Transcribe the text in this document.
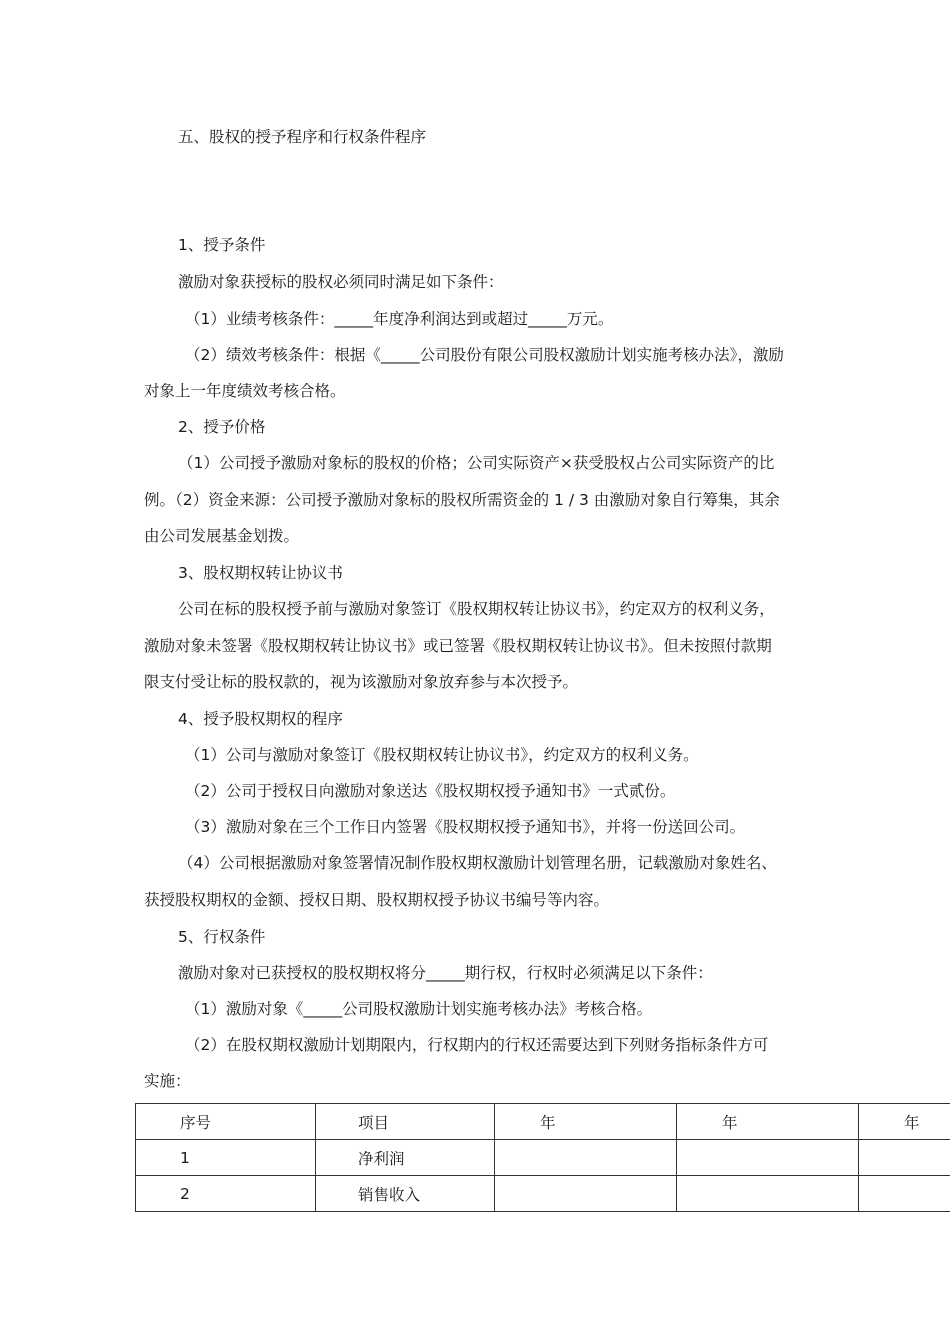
五、股权的授予程序和行权条件程序
1、授予条件
激励对象获授标的股权必须同时满足如下条件：
（1）业绩考核条件：_____年度净利润达到或超过_____万元。
（2）绩效考核条件：根据《_____公司股份有限公司股权激励计划实施考核办法》，激励
对象上一年度绩效考核合格。
2、授予价格
（1）公司授予激励对象标的股权的价格；公司实际资产×获受股权占公司实际资产的比
例。（2）资金来源：公司授予激励对象标的股权所需资金的 1 / 3 由激励对象自行筹集，其余
由公司发展基金划拨。
3、股权期权转让协议书
公司在标的股权授予前与激励对象签订《股权期权转让协议书》，约定双方的权利义务，
激励对象未签署《股权期权转让协议书》或已签署《股权期权转让协议书》。但未按照付款期
限支付受让标的股权款的，视为该激励对象放弃参与本次授予。
4、授予股权期权的程序
（1）公司与激励对象签订《股权期权转让协议书》，约定双方的权利义务。
（2）公司于授权日向激励对象送达《股权期权授予通知书》一式贰份。
（3）激励对象在三个工作日内签署《股权期权授予通知书》，并将一份送回公司。
（4）公司根据激励对象签署情况制作股权期权激励计划管理名册，记载激励对象姓名、
获授股权期权的金额、授权日期、股权期权授予协议书编号等内容。
5、行权条件
激励对象对已获授权的股权期权将分_____期行权，行权时必须满足以下条件：
（1）激励对象《_____公司股权激励计划实施考核办法》考核合格。
（2）在股权期权激励计划期限内，行权期内的行权还需要达到下列财务指标条件方可
实施：
序号	项目	年	年	年
1	净利润			
2	销售收入			
